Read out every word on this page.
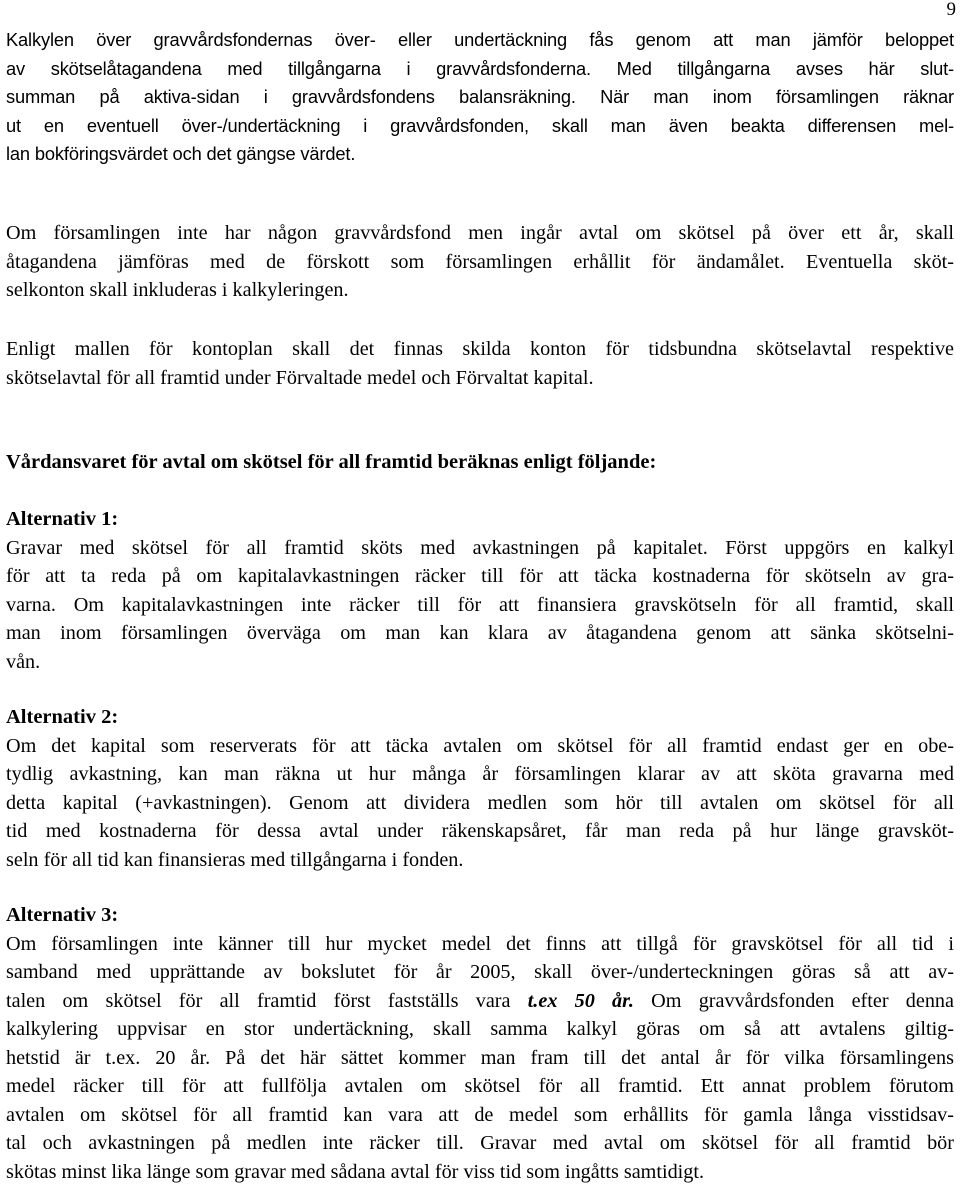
9
Kalkylen över gravvårdsfondernas över- eller undertäckning fås genom att man jämför beloppet
av skötselåtagandena med tillgångarna i gravvårdsfonderna. Med tillgångarna avses här slut-
summan på aktiva-sidan i gravvårdsfondens balansräkning. När man inom församlingen räknar
ut en eventuell över-/undertäckning i gravvårdsfonden, skall man även beakta differensen mel-
lan bokföringsvärdet och det gängse värdet.
Om församlingen inte har någon gravvårdsfond men ingår avtal om skötsel på över ett år, skall
åtagandena jämföras med de förskott som församlingen erhållit för ändamålet. Eventuella sköt-
selkonton skall inkluderas i kalkyleringen.
Enligt mallen för kontoplan skall det finnas skilda konton för tidsbundna skötselavtal respektive
skötselavtal för all framtid under Förvaltade medel och Förvaltat kapital.
Vårdansvaret för avtal om skötsel för all framtid beräknas enligt följande:
Alternativ 1:
Gravar med skötsel för all framtid sköts med avkastningen på kapitalet. Först uppgörs en kalkyl
för att ta reda på om kapitalavkastningen räcker till för att täcka kostnaderna för skötseln av gra-
varna. Om kapitalavkastningen inte räcker till för att finansiera gravskötseln för all framtid, skall
man inom församlingen överväga om man kan klara av åtagandena genom att sänka skötselni-
vån.
Alternativ 2:
Om det kapital som reserverats för att täcka avtalen om skötsel för all framtid endast ger en obe-
tydlig avkastning, kan man räkna ut hur många år församlingen klarar av att sköta gravarna med
detta kapital (+avkastningen). Genom att dividera medlen som hör till avtalen om skötsel för all
tid med kostnaderna för dessa avtal under räkenskapsåret, får man reda på hur länge gravsköt-
seln för all tid kan finansieras med tillgångarna i fonden.
Alternativ 3:
Om församlingen inte känner till hur mycket medel det finns att tillgå för gravskötsel för all tid i
samband med upprättande av bokslutet för år 2005, skall över-/underteckningen göras så att av-
talen om skötsel för all framtid först fastställs vara t.ex 50 år. Om gravvårdsfonden efter denna
kalkylering uppvisar en stor undertäckning, skall samma kalkyl göras om så att avtalens giltig-
hetstid är t.ex. 20 år. På det här sättet kommer man fram till det antal år för vilka församlingens
medel räcker till för att fullfölja avtalen om skötsel för all framtid. Ett annat problem förutom
avtalen om skötsel för all framtid kan vara att de medel som erhållits för gamla långa visstidsav-
tal och avkastningen på medlen inte räcker till. Gravar med avtal om skötsel för all framtid bör
skötas minst lika länge som gravar med sådana avtal för viss tid som ingåtts samtidigt.
